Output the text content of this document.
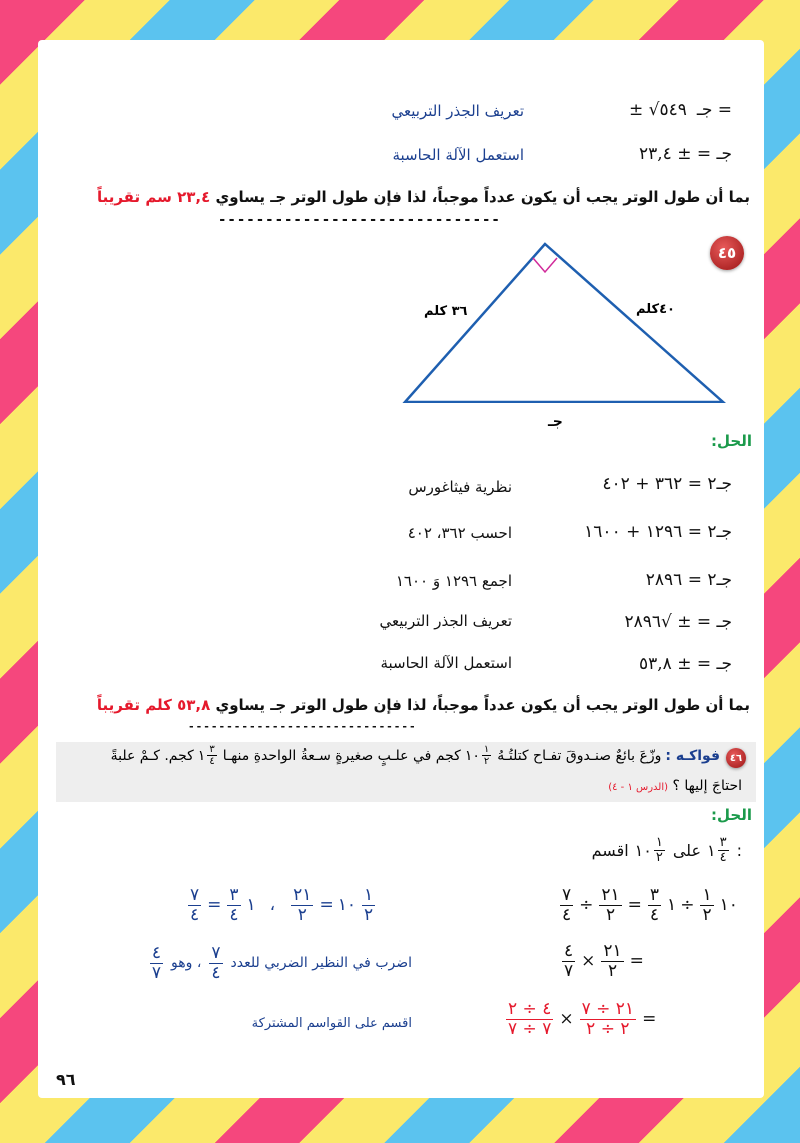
± √٥٤٩ جـ =
تعريف الجذر التربيعي
جـ = ± ٢٣,٤
استعمل الآلة الحاسبة
بما أن طول الوتر يجب أن يكون عدداً موجباً، لذا فإن طول الوتر جـ يساوي ٢٣,٤ سم تقريباً
------------------------------
٤٥
٣٦ كلم	٤٠كلم
جـ
الحل:
جـ٢ = ٣٦٢ + ٤٠٢
نظرية فيثاغورس
جـ٢ = ١٢٩٦ + ١٦٠٠
احسب ٣٦٢، ٤٠٢
جـ٢ = ٢٨٩٦
اجمع ١٢٩٦ وَ ١٦٠٠
جـ = ± √٢٨٩٦
تعريف الجذر التربيعي
جـ = ± ٥٣,٨
استعمل الآلة الحاسبة
بما أن طول الوتر يجب أن يكون عدداً موجباً، لذا فإن طول الوتر جـ يساوي ٥٣,٨ كلم تقريباً
------------------------------
٤٦
فواكـه :
وزّعَ بائعٌ صنـدوقَ تفـاح كتلتُـهُ
١٠ $\frac{١}{٢}$
كجم في علـبٍ صغيرةٍ سـعةُ الواحدةِ منهـا
١ $\frac{٣}{٤}$
كجم. كـمْ علبةً
احتاجَ إليها ؟ (الدرس ١ - ٤)
الحل:
اقسم ١٠ $\frac{١}{٢}$ على ١ $\frac{٣}{٤}$ :
$\frac{٧}{٤} \div \frac{٢١}{٢} = \frac{٣}{٤}$ ١ ÷ $\frac{١}{٢}$ ١٠
$\frac{٧}{٤} = \frac{٣}{٤}$ ١ ، $\frac{٢١}{٢}$ = ١٠ $\frac{١}{٢}$
$\frac{٤}{٧} \times \frac{٢١}{٢}$ =
اضرب في النظير الضربي للعدد
$\frac{٧}{٤}$
، وهو
$\frac{٤}{٧}$
$\frac{٤ \div ٢}{٧ \div ٧} \times \frac{٢١ \div ٧}{٢ \div ٢}$ =
اقسم على القواسم المشتركة
٩٦
